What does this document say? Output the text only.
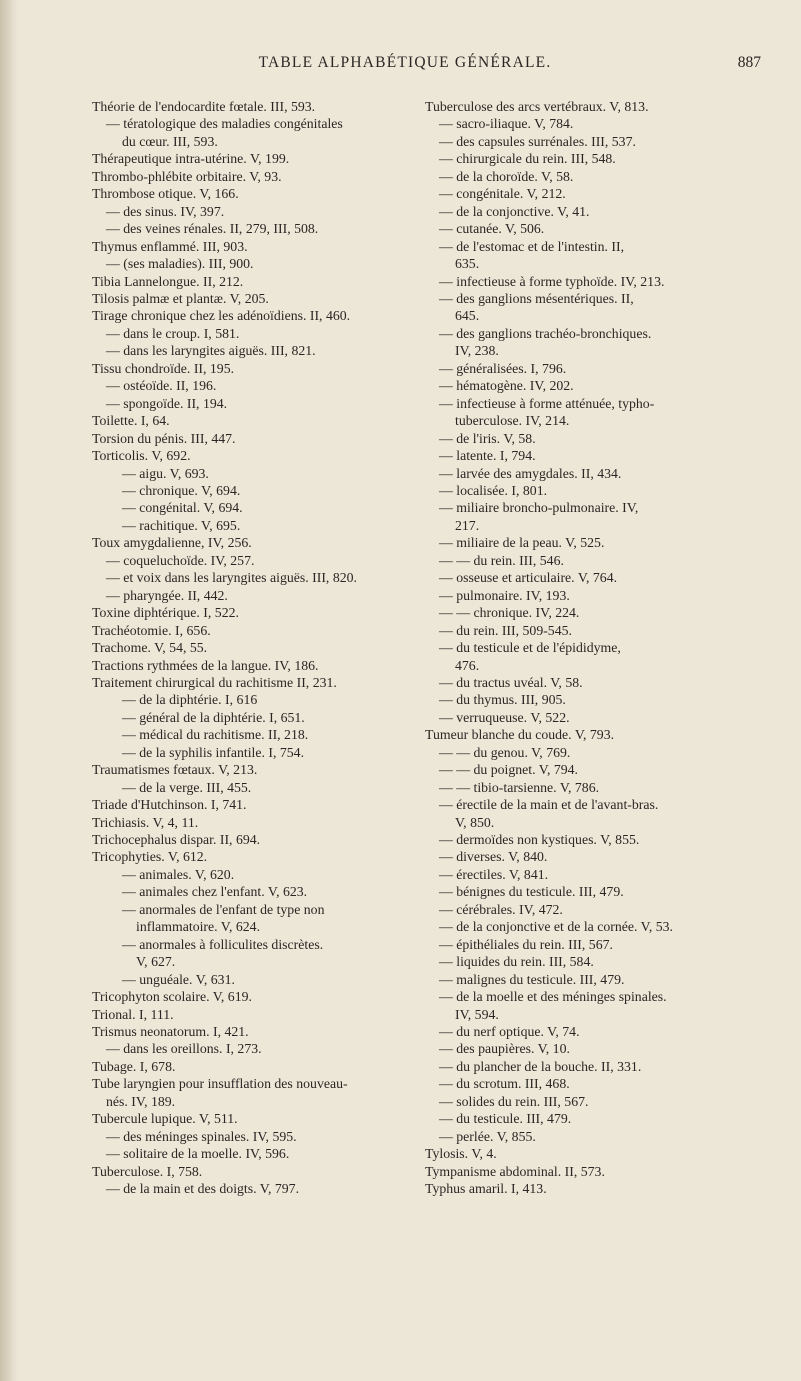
TABLE ALPHABÉTIQUE GÉNÉRALE.	887
Théorie de l'endocardite fœtale. III, 593.
— tératologique des maladies congénitales
du cœur. III, 593.
Thérapeutique intra-utérine. V, 199.
Thrombo-phlébite orbitaire. V, 93.
Thrombose otique. V, 166.
— des sinus. IV, 397.
— des veines rénales. II, 279, III, 508.
Thymus enflammé. III, 903.
— (ses maladies). III, 900.
Tibia Lannelongue. II, 212.
Tilosis palmæ et plantæ. V, 205.
Tirage chronique chez les adénoïdiens. II, 460.
— dans le croup. I, 581.
— dans les laryngites aiguës. III, 821.
Tissu chondroïde. II, 195.
— ostéoïde. II, 196.
— spongoïde. II, 194.
Toilette. I, 64.
Torsion du pénis. III, 447.
Torticolis. V, 692.
— aigu. V, 693.
— chronique. V, 694.
— congénital. V, 694.
— rachitique. V, 695.
Toux amygdalienne, IV, 256.
— coqueluchoïde. IV, 257.
— et voix dans les laryngites aiguës. III, 820.
— pharyngée. II, 442.
Toxine diphtérique. I, 522.
Trachéotomie. I, 656.
Trachome. V, 54, 55.
Tractions rythmées de la langue. IV, 186.
Traitement chirurgical du rachitisme II, 231.
— de la diphtérie. I, 616
— général de la diphtérie. I, 651.
— médical du rachitisme. II, 218.
— de la syphilis infantile. I, 754.
Traumatismes fœtaux. V, 213.
— de la verge. III, 455.
Triade d'Hutchinson. I, 741.
Trichiasis. V, 4, 11.
Trichocephalus dispar. II, 694.
Tricophyties. V, 612.
— animales. V, 620.
— animales chez l'enfant. V, 623.
— anormales de l'enfant de type non
inflammatoire. V, 624.
— anormales à folliculites discrètes.
V, 627.
— unguéale. V, 631.
Tricophyton scolaire. V, 619.
Trional. I, 111.
Trismus neonatorum. I, 421.
— dans les oreillons. I, 273.
Tubage. I, 678.
Tube laryngien pour insufflation des nouveau-
nés. IV, 189.
Tubercule lupique. V, 511.
— des méninges spinales. IV, 595.
— solitaire de la moelle. IV, 596.
Tuberculose. I, 758.
— de la main et des doigts. V, 797.
Tuberculose des arcs vertébraux. V, 813.
— sacro-iliaque. V, 784.
— des capsules surrénales. III, 537.
— chirurgicale du rein. III, 548.
— de la choroïde. V, 58.
— congénitale. V, 212.
— de la conjonctive. V, 41.
— cutanée. V, 506.
— de l'estomac et de l'intestin. II,
635.
— infectieuse à forme typhoïde. IV, 213.
— des ganglions mésentériques. II,
645.
— des ganglions trachéo-bronchiques.
IV, 238.
— généralisées. I, 796.
— hématogène. IV, 202.
— infectieuse à forme atténuée, typho-
tuberculose. IV, 214.
— de l'iris. V, 58.
— latente. I, 794.
— larvée des amygdales. II, 434.
— localisée. I, 801.
— miliaire broncho-pulmonaire. IV,
217.
— miliaire de la peau. V, 525.
— — du rein. III, 546.
— osseuse et articulaire. V, 764.
— pulmonaire. IV, 193.
— — chronique. IV, 224.
— du rein. III, 509-545.
— du testicule et de l'épididyme,
476.
— du tractus uvéal. V, 58.
— du thymus. III, 905.
— verruqueuse. V, 522.
Tumeur blanche du coude. V, 793.
— — du genou. V, 769.
— — du poignet. V, 794.
— — tibio-tarsienne. V, 786.
— érectile de la main et de l'avant-bras.
V, 850.
— dermoïdes non kystiques. V, 855.
— diverses. V, 840.
— érectiles. V, 841.
— bénignes du testicule. III, 479.
— cérébrales. IV, 472.
— de la conjonctive et de la cornée. V, 53.
— épithéliales du rein. III, 567.
— liquides du rein. III, 584.
— malignes du testicule. III, 479.
— de la moelle et des méninges spinales.
IV, 594.
— du nerf optique. V, 74.
— des paupières. V, 10.
— du plancher de la bouche. II, 331.
— du scrotum. III, 468.
— solides du rein. III, 567.
— du testicule. III, 479.
— perlée. V, 855.
Tylosis. V, 4.
Tympanisme abdominal. II, 573.
Typhus amaril. I, 413.
